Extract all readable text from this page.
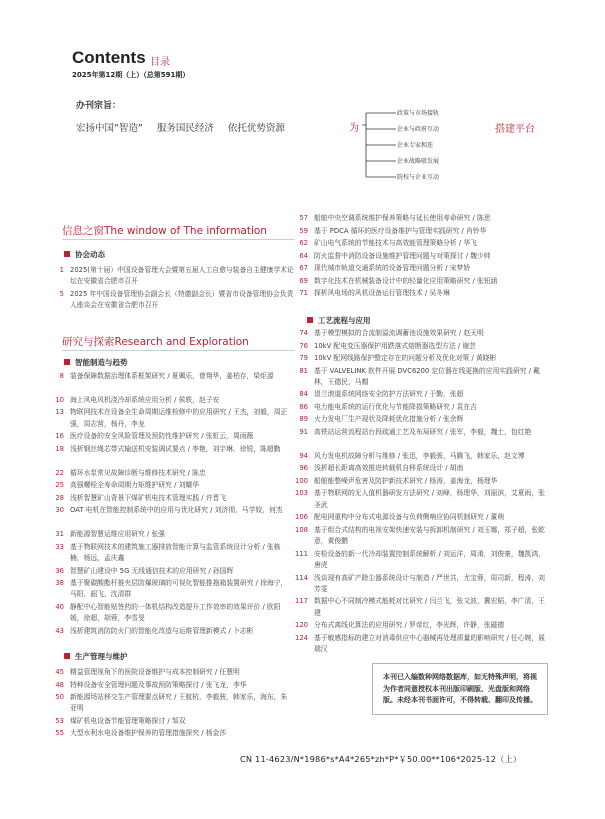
Contents 目录
2025年第12期（上）（总第591期）
办刊宗旨：
宏扬中国“智造” 服务国民经济 依托优势资源	为
政策与市场接轨
企业与政府互动
企业专家相连
企业战略联发展
院校与企业互动
搭建平台
信息之窗The window of The information
协会动态
1 2025(第十届）中国设备管理大会暨第五届人工自愈与装备自主健康学术论坛在安徽省合肥市召开
5 2025 年中国设备管理协会副会长（特邀副会长）暨省市设备管理协会负责人座谈会在安徽省合肥市召开
研究与探索Research and Exploration
智能制造与趋势
8 装备保障数据治理体系框架研究 / 夏珮乐，曾翔华，姜柏存，梁炬源
10 海上风电风机浇冷却系统应用分析 / 侯轶，赵子安
13 物联网技术在设备全生命周期运维检修中的应用研究 / 王杰，刘毅，周正强，周志营，杨丹，李龙
16 医疗设备的安全风险管理及预防性维护研究 / 张虹云，周雨薇
18 浅析钢丝绳芯带式输送机安装调试要点 / 李艳，刘宇琳，徐锐，陈超勤
22 循环水泵常见故障诊断与维修技术研究 / 陈忠
25 高强螺栓全寿命周期力矩维护研究 / 刘耀华
28 浅析智慧矿山背景下煤矿机电技术管理实践 / 许晋飞
30 OAT 电机在智能控制系统中的应用与优化研究 / 刘济彻，马学姣，何杰
31 新能源智慧运维应用研究 / 张强
33 基于物联网技术的建筑施工器排放智能计算与监管系统设计分析 / 张栋楠，杨远，孟庆鑫
36 智慧矿山建设中 5G 无线通信技术的应用研究 / 孙国辉
38 基于聚碳酸酯杆推夹层防爆玻璃的可视化智能推拖箱装置研究 / 徐海宁，马阳，韶飞，沈清群
40 静配中心智能贴签药的一体机结构改造提升工作效率的效果评价 / 欧阳媛，徐超，胡蓉，李雪旻
43 浅析建筑消防防火门的智能化改造与运维管理新模式 / 卜志彬
生产管理与维护
45 精益管理视角下的医院设备维护与成本控制研究 / 任慧明
48 特种设备安全管理问题及事故预防策略探讨 / 张飞龙，李华
50 新能源场站移交生产管理要点研究 / 王航杭，李毅骏，韩家乐，海东，朱亚明
53 煤矿机电设备节能管理策略探讨 / 邹双
55 大型水利水电设备维护保养的管理措施探究 / 杨金莎
57 船舶中央空调系统维护保养策略与延长使用寿命研究 / 陈思
59 基于 PDCA 循环的医疗设备维护与管理实践研究 / 肖铃华
62 矿山电气系统的节能技术与高效能管理策略分析 / 华飞
64 防火监督中消防设备设施维护管理问题与对策探讨 / 魏少帅
67 现代城市轨道交通系统的设备管理问题分析 / 宋梦娇
69 数字化技术在机械装备设计中的轻量化应用策略研究 / 张钮涵
71 探析风电场的风机设备运行管理技术 / 吴冬琳
工艺流程与应用
74 基于模型模拟的合流制溢流调蓄池设施效果研究 / 赵天明
76 10kV 配电变压器保护用跌落式熔断器选型方法 / 谢芸
79 10kV 配网线路保护整定存在的问题分析及优化对策 / 黄晓彬
81 基于 VALVELINK 软件开展 DVC6200 定位器在线更换的应用实践研究 / 戴林，王德民，马帽
84 退兰滚道系统网络安全防护方法研究 / 于勤，张超
86 电力能电系统的运行优化与节能降损策略研究 / 袁在吉
89 火力发电厂生产现状及降耗优化措施分析 / 张余辉
91 高铁站运营流程站台段疏通工艺及布局研究 / 张军，李毅，魏士，包红艳
94 风力发电机故障分析与维修 / 张迅，李毅骏，马腾飞，韩家乐，赵文博
96 浅析超长距离高效推进转载机自移系统设计 / 胡南
100 船舶能整噪声危害及防护新技术研究 / 杨涛，姜海龙，杨理华
103 基于物联网的无人值机器研发方法研究 / 刘峰，杨理华，刘丽滨，艾夏雨，张圣武
106 配电网重构中分布式电源设备与负荷侧响应协同机制研究 / 董萌
108 基于组合式结构的电视安架快速安装与拆卸机制研究 / 刘玉娜，郑子超，张乾意，黄俊鹏
111 安检设备的新一代冷却装置控制系统解析 / 刘运洋，周淆，刘俊豪，魏凯鸿，唐虎
114 浅谈现有高矿产除尘器系统设计与制造 / 严世共，尤宝蓉，周司新，程涛，刘芳雯
117 数据中心不同制冷模式能耗对比研究 / 闫兰飞，张文波，冀宏韬，李广清，王建
120 分布式离线化算法的应用研究 / 罗帝红，李光辉，许静，张磁德
124 基于敏感指标的建立对消毒供应中心器械再处理质量的影响研究 / 任心婉，展瑞汉
本刊已入编数种网络数据库，如无特殊声明，将视为作者同意授权本刊出版印刷版、光盘版和网络版。未经本刊书面许可，不得转载、翻印及传播。
CN 11-4623/N*1986*s*A4*265*zh*P*￥50.00**106*2025-12（上）
